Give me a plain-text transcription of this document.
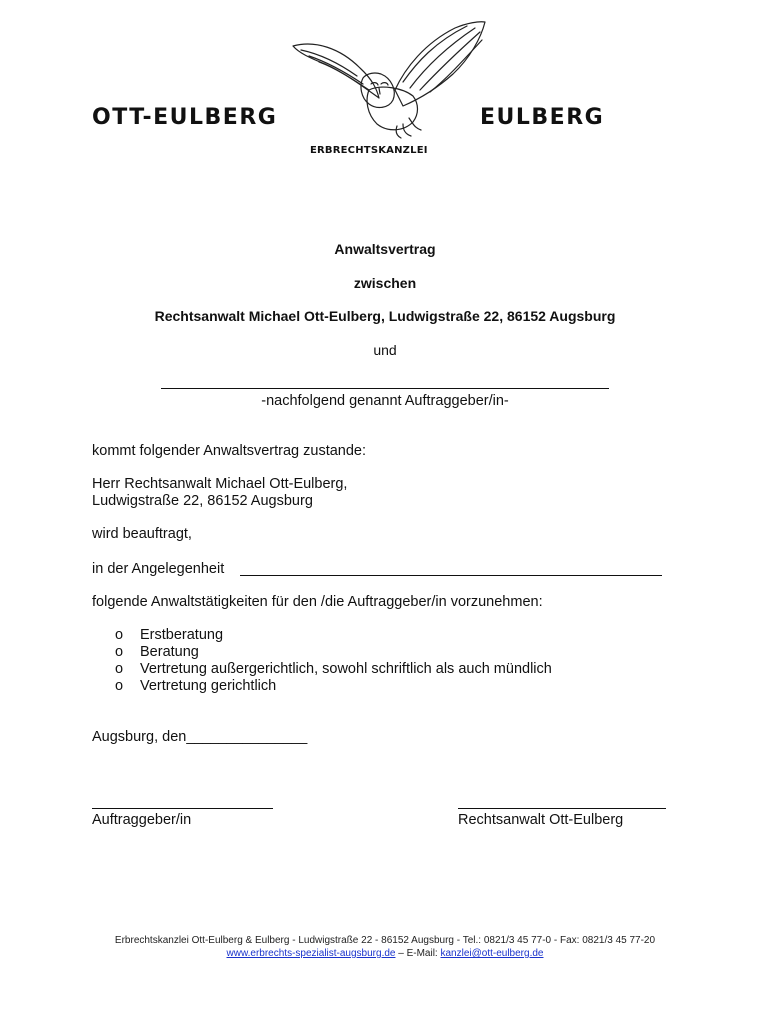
OTT-EULBERG	EULBERG
ERBRECHTSKANZLEI
Anwaltsvertrag
zwischen
Rechtsanwalt Michael Ott-Eulberg, Ludwigstraße 22, 86152 Augsburg
und
-nachfolgend genannt Auftraggeber/in-
kommt folgender Anwaltsvertrag zustande:
Herr Rechtsanwalt Michael Ott-Eulberg,
Ludwigstraße 22, 86152 Augsburg
wird beauftragt,
in der Angelegenheit
folgende Anwaltstätigkeiten für den /die Auftraggeber/in vorzunehmen:
o	Erstberatung
o	Beratung
o	Vertretung außergerichtlich, sowohl schriftlich als auch mündlich
o	Vertretung gerichtlich
Augsburg, den_______________
Auftraggeber/in	Rechtsanwalt Ott-Eulberg
Erbrechtskanzlei Ott-Eulberg & Eulberg - Ludwigstraße 22 - 86152 Augsburg - Tel.: 0821/3 45 77-0 - Fax: 0821/3 45 77-20
www.erbrechts-spezialist-augsburg.de – E-Mail: kanzlei@ott-eulberg.de
